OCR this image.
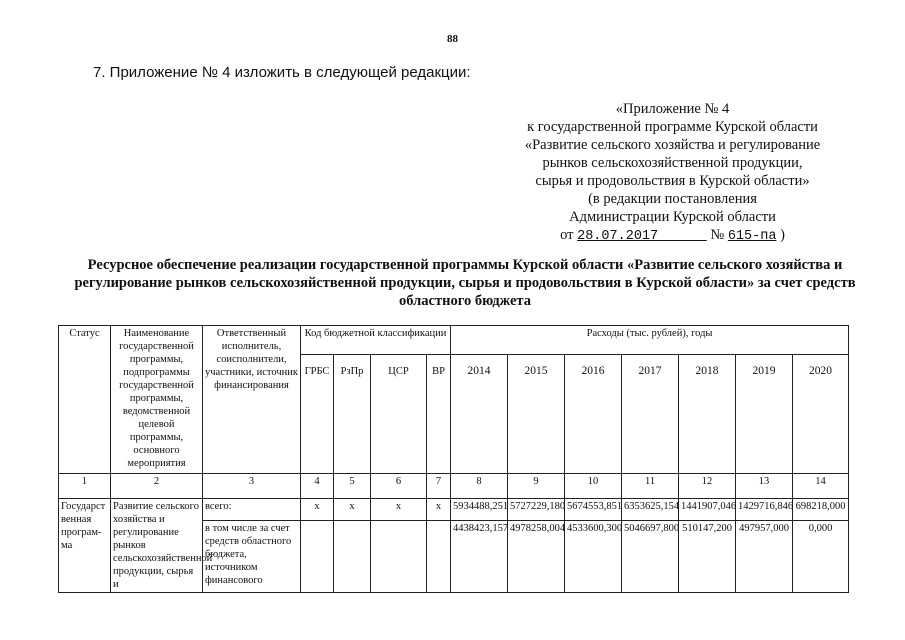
88
7. Приложение № 4 изложить в следующей редакции:
«Приложение № 4
к государственной программе Курской области
«Развитие сельского хозяйства и регулирование
рынков сельскохозяйственной продукции,
сырья и продовольствия в Курской области»
(в редакции постановления
Администрации Курской области
от 28.07.2017	№ 615-па )
Ресурсное обеспечение реализации государственной программы Курской области «Развитие сельского хозяйства и регулирование рынков сельскохозяйственной продукции, сырья и продовольствия в Курской области» за счет средств областного бюджета
Статус	Наименование государственной программы, подпрограммы государственной программы, ведомственной целевой программы, основного мероприятия	Ответственный исполнитель, соисполнители, участники, источник финансирования	Код бюджетной классификации				Расходы (тыс. рублей), годы						
			ГРБС	РзПр	ЦСР	ВР	2014	2015	2016	2017	2018	2019	2020
1	2	3	4	5	6	7	8	9	10	11	12	13	14
Государст венная програм- ма	Развитие сельского хозяйства и регулирование рынков сельскохозяйственной продукции, сырья и	всего:	x	x	x	x	5934488,251	5727229,180	5674553,851	6353625,154	1441907,046	1429716,846	698218,000
		в том числе за счет средств областного бюджета, источником финансового					4438423,157	4978258,004	4533600,300	5046697,800	510147,200	497957,000	0,000
